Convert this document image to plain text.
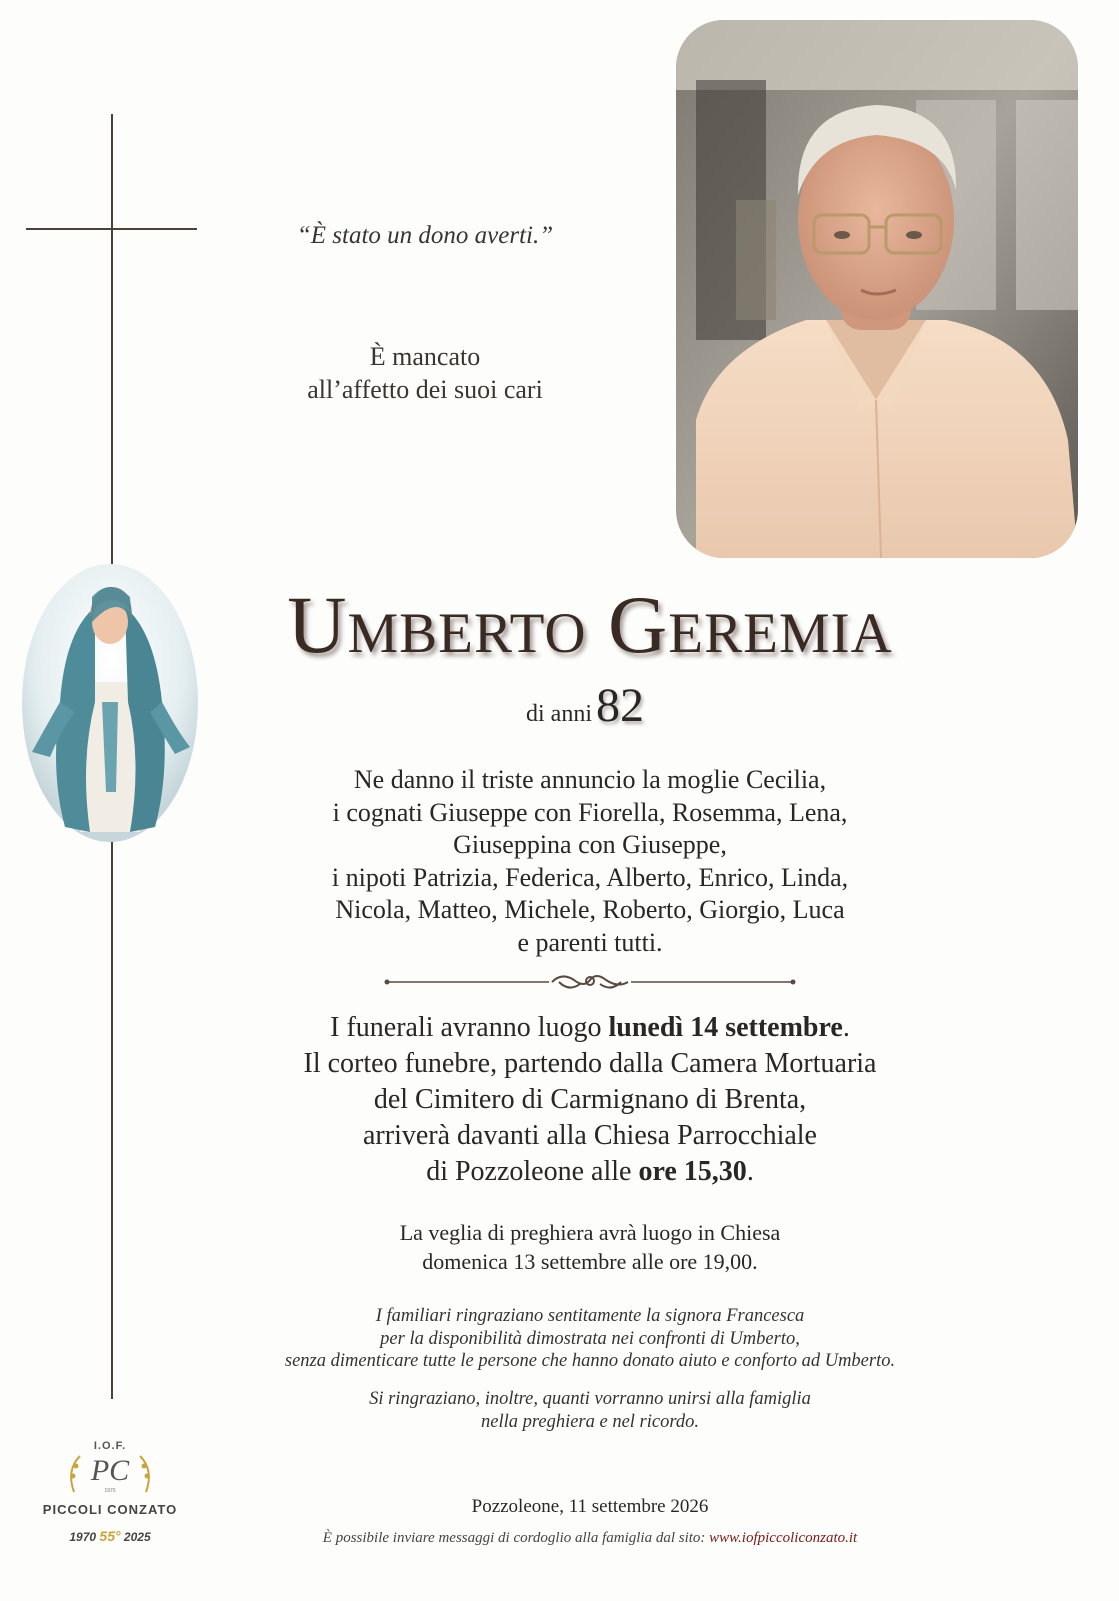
“È stato un dono averti.”
È mancato
all’affetto dei suoi cari
Umberto Geremia
di anni 82
Ne danno il triste annuncio la moglie Cecilia,
i cognati Giuseppe con Fiorella, Rosemma, Lena,
Giuseppina con Giuseppe,
i nipoti Patrizia, Federica, Alberto, Enrico, Linda,
Nicola, Matteo, Michele, Roberto, Giorgio, Luca
e parenti tutti.
I funerali avranno luogo lunedì 14 settembre.
Il corteo funebre, partendo dalla Camera Mortuaria
del Cimitero di Carmignano di Brenta,
arriverà davanti alla Chiesa Parrocchiale
di Pozzoleone alle ore 15,30.
La veglia di preghiera avrà luogo in Chiesa
domenica 13 settembre alle ore 19,00.
I familiari ringraziano sentitamente la signora Francesca
per la disponibilità dimostrata nei confronti di Umberto,
senza dimenticare tutte le persone che hanno donato aiuto e conforto ad Umberto.
Si ringraziano, inoltre, quanti vorranno unirsi alla famiglia
nella preghiera e nel ricordo.
Pozzoleone, 11 settembre 2026
È possibile inviare messaggi di cordoglio alla famiglia dal sito: www.iofpiccoliconzato.it
PC
1970
I.O.F.
PICCOLI CONZATO
1970 55° 2025
